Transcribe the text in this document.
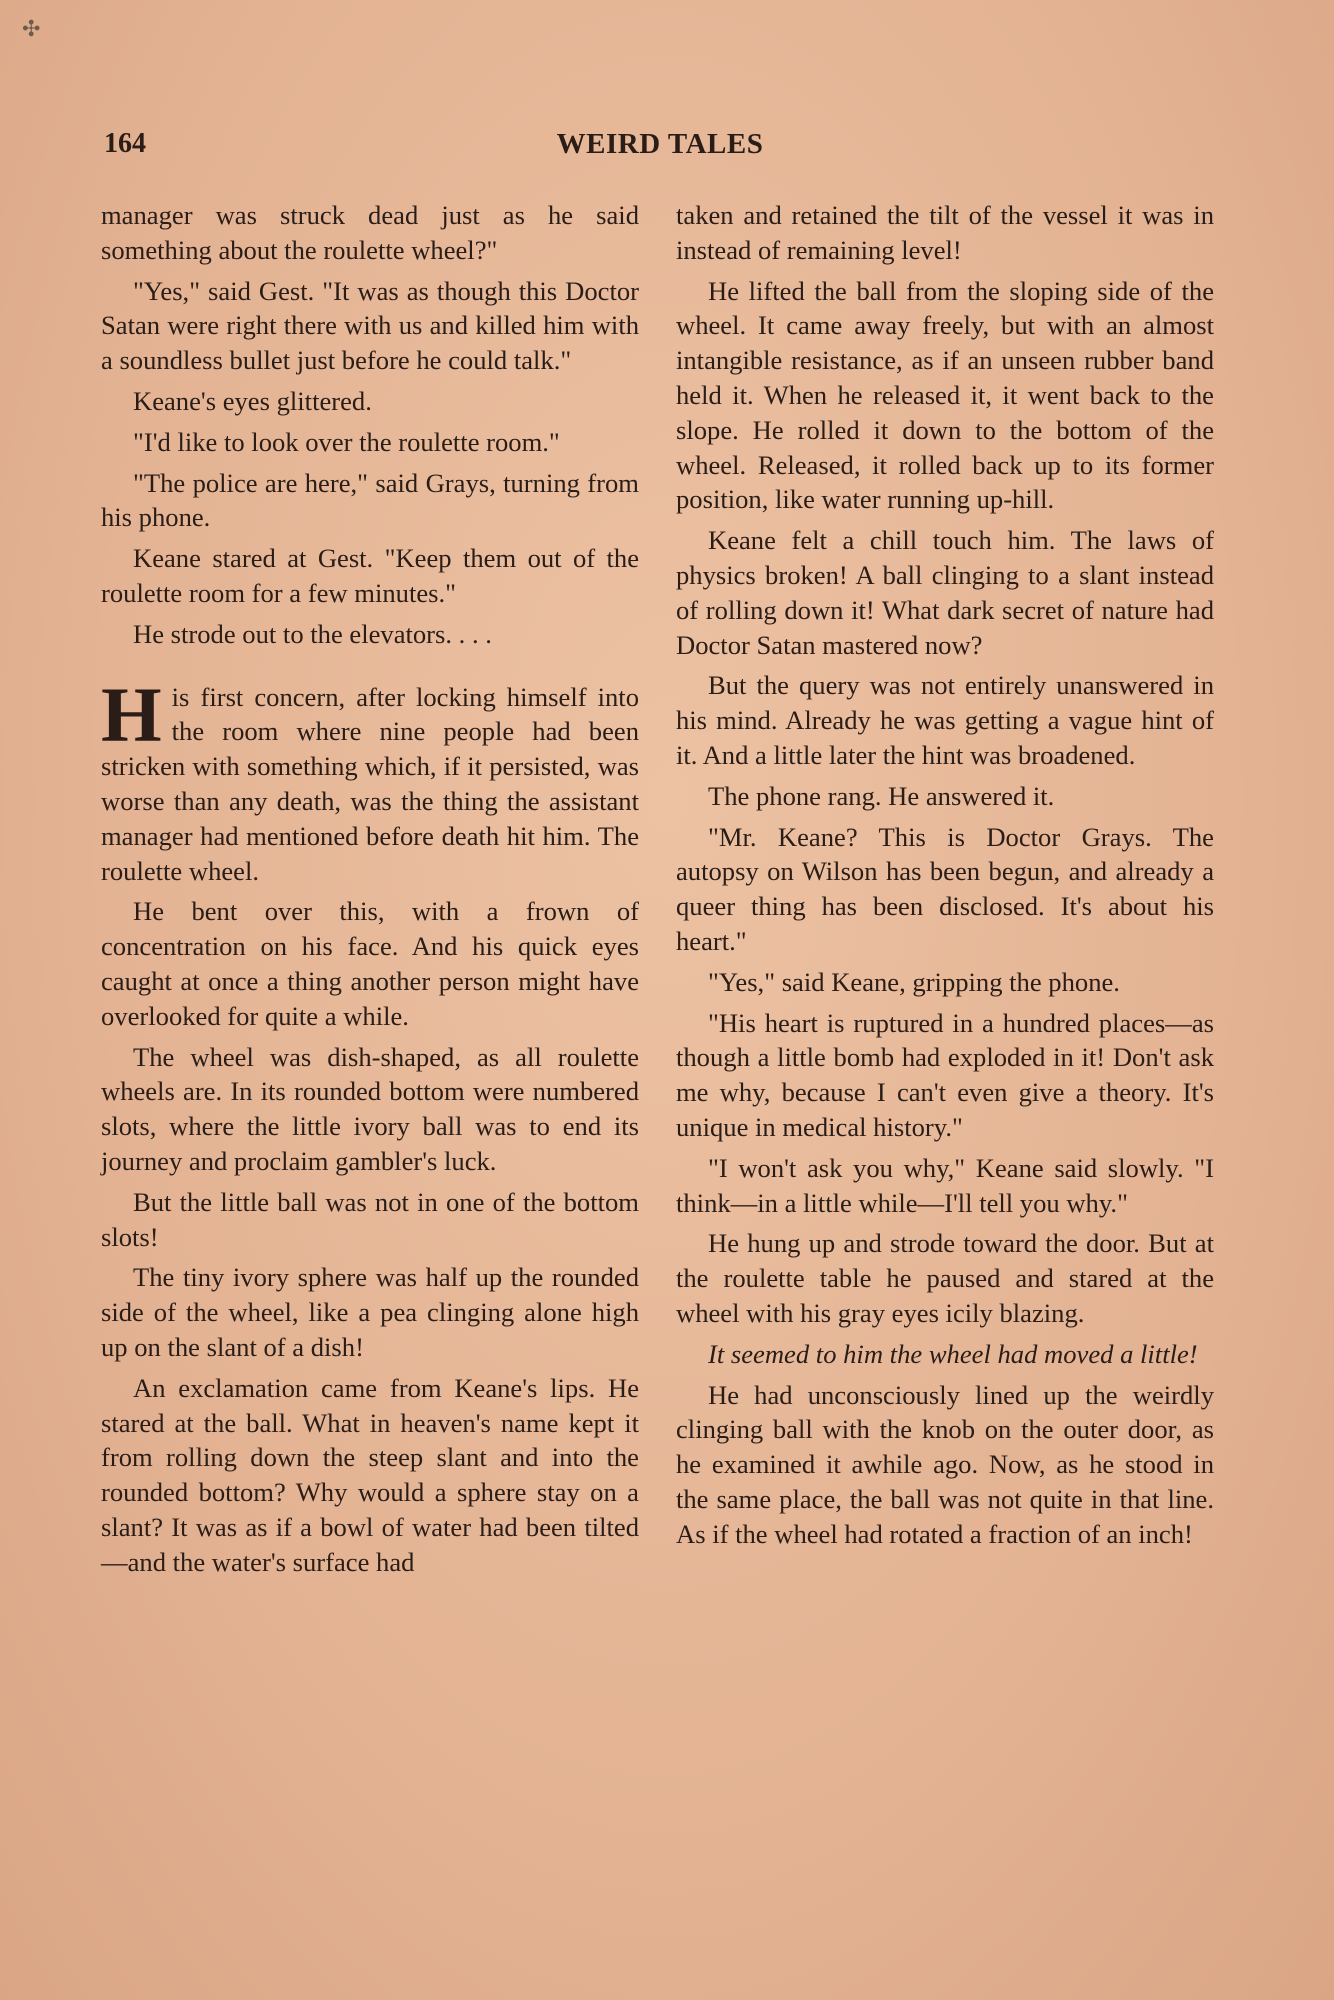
✣
164	WEIRD TALES

manager was struck dead just as he said something about the roulette wheel?"

"Yes," said Gest. "It was as though this Doctor Satan were right there with us and killed him with a soundless bullet just before he could talk."

Keane's eyes glittered.

"I'd like to look over the roulette room."

"The police are here," said Grays, turning from his phone.

Keane stared at Gest. "Keep them out of the roulette room for a few minutes."

He strode out to the elevators. . . .

His first concern, after locking himself into the room where nine people had been stricken with something which, if it persisted, was worse than any death, was the thing the assistant manager had mentioned before death hit him. The roulette wheel.

He bent over this, with a frown of concentration on his face. And his quick eyes caught at once a thing another person might have overlooked for quite a while.

The wheel was dish-shaped, as all roulette wheels are. In its rounded bottom were numbered slots, where the little ivory ball was to end its journey and proclaim gambler's luck.

But the little ball was not in one of the bottom slots!

The tiny ivory sphere was half up the rounded side of the wheel, like a pea clinging alone high up on the slant of a dish!

An exclamation came from Keane's lips. He stared at the ball. What in heaven's name kept it from rolling down the steep slant and into the rounded bottom? Why would a sphere stay on a slant? It was as if a bowl of water had been tilted—and the water's surface had

taken and retained the tilt of the vessel it was in instead of remaining level!

He lifted the ball from the sloping side of the wheel. It came away freely, but with an almost intangible resistance, as if an unseen rubber band held it. When he released it, it went back to the slope. He rolled it down to the bottom of the wheel. Released, it rolled back up to its former position, like water running up-hill.

Keane felt a chill touch him. The laws of physics broken! A ball clinging to a slant instead of rolling down it! What dark secret of nature had Doctor Satan mastered now?

But the query was not entirely unanswered in his mind. Already he was getting a vague hint of it. And a little later the hint was broadened.

The phone rang. He answered it.

"Mr. Keane? This is Doctor Grays. The autopsy on Wilson has been begun, and already a queer thing has been disclosed. It's about his heart."

"Yes," said Keane, gripping the phone.

"His heart is ruptured in a hundred places—as though a little bomb had exploded in it! Don't ask me why, because I can't even give a theory. It's unique in medical history."

"I won't ask you why," Keane said slowly. "I think—in a little while—I'll tell you why."

He hung up and strode toward the door. But at the roulette table he paused and stared at the wheel with his gray eyes icily blazing.

It seemed to him the wheel had moved a little!

He had unconsciously lined up the weirdly clinging ball with the knob on the outer door, as he examined it awhile ago. Now, as he stood in the same place, the ball was not quite in that line. As if the wheel had rotated a fraction of an inch!
